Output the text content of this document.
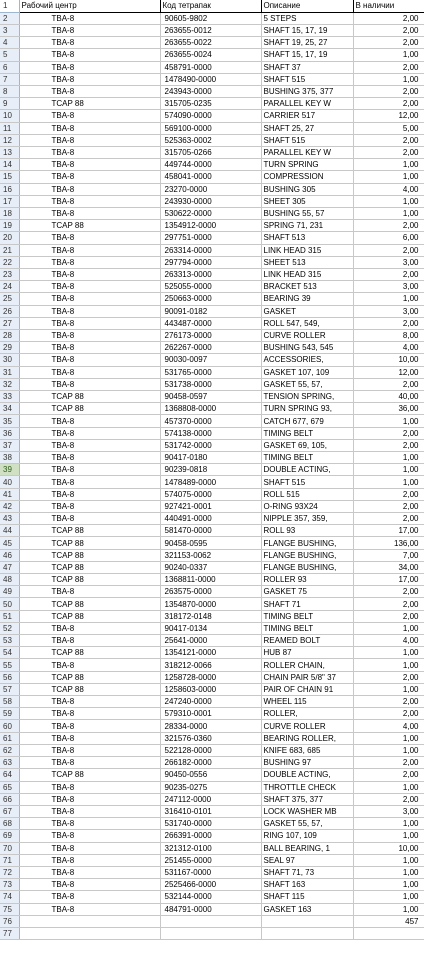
1	Рабочий центр	Код тетрапак	Описание	В наличии
2	TBA-8	90605-9802	5 STEPS	2,00
3	TBA-8	263655-0012	SHAFT 15, 17, 19	2,00
4	TBA-8	263655-0022	SHAFT 19, 25, 27	2,00
5	TBA-8	263655-0024	SHAFT 15, 17, 19	1,00
6	TBA-8	458791-0000	SHAFT 37	2,00
7	TBA-8	1478490-0000	SHAFT 515	1,00
8	TBA-8	243943-0000	BUSHING 375, 377	2,00
9	TCAP 88	315705-0235	PARALLEL KEY W	2,00
10	TBA-8	574090-0000	CARRIER 517	12,00
11	TBA-8	569100-0000	SHAFT 25, 27	5,00
12	TBA-8	525363-0002	SHAFT 515	2,00
13	TBA-8	315705-0266	PARALLEL KEY W	2,00
14	TBA-8	449744-0000	TURN SPRING	1,00
15	TBA-8	458041-0000	COMPRESSION	1,00
16	TBA-8	23270-0000	BUSHING 305	4,00
17	TBA-8	243930-0000	SHEET 305	1,00
18	TBA-8	530622-0000	BUSHING 55, 57	1,00
19	TCAP 88	1354912-0000	SPRING 71, 231	2,00
20	TBA-8	297751-0000	SHAFT 513	6,00
21	TBA-8	263314-0000	LINK HEAD 315	2,00
22	TBA-8	297794-0000	SHEET 513	3,00
23	TBA-8	263313-0000	LINK HEAD 315	2,00
24	TBA-8	525055-0000	BRACKET 513	3,00
25	TBA-8	250663-0000	BEARING 39	1,00
26	TBA-8	90091-0182	GASKET	3,00
27	TBA-8	443487-0000	ROLL 547, 549,	2,00
28	TBA-8	276173-0000	CURVE ROLLER	8,00
29	TBA-8	262267-0000	BUSHING 543, 545	4,00
30	TBA-8	90030-0097	ACCESSORIES,	10,00
31	TBA-8	531765-0000	GASKET 107, 109	12,00
32	TBA-8	531738-0000	GASKET 55, 57,	2,00
33	TCAP 88	90458-0597	TENSION SPRING,	40,00
34	TCAP 88	1368808-0000	TURN SPRING 93,	36,00
35	TBA-8	457370-0000	CATCH 677, 679	1,00
36	TBA-8	574138-0000	TIMING BELT	2,00
37	TBA-8	531742-0000	GASKET 69, 105,	2,00
38	TBA-8	90417-0180	TIMING BELT	1,00
39	TBA-8	90239-0818	DOUBLE ACTING,	1,00
40	TBA-8	1478489-0000	SHAFT 515	1,00
41	TBA-8	574075-0000	ROLL 515	2,00
42	TBA-8	927421-0001	O-RING 93X24	2,00
43	TBA-8	440491-0000	NIPPLE 357, 359,	2,00
44	TCAP 88	581470-0000	ROLL 93	17,00
45	TCAP 88	90458-0595	FLANGE BUSHING,	136,00
46	TCAP 88	321153-0062	FLANGE BUSHING,	7,00
47	TCAP 88	90240-0337	FLANGE BUSHING,	34,00
48	TCAP 88	1368811-0000	ROLLER 93	17,00
49	TBA-8	263575-0000	GASKET 75	2,00
50	TCAP 88	1354870-0000	SHAFT 71	2,00
51	TCAP 88	318172-0148	TIMING BELT	2,00
52	TBA-8	90417-0134	TIMING BELT	1,00
53	TBA-8	25641-0000	REAMED BOLT	4,00
54	TCAP 88	1354121-0000	HUB 87	1,00
55	TBA-8	318212-0066	ROLLER CHAIN,	1,00
56	TCAP 88	1258728-0000	CHAIN PAIR 5/8" 37	2,00
57	TCAP 88	1258603-0000	PAIR OF CHAIN 91	1,00
58	TBA-8	247240-0000	WHEEL 115	2,00
59	TBA-8	579310-0001	ROLLER,	2,00
60	TBA-8	28334-0000	CURVE ROLLER	4,00
61	TBA-8	321576-0360	BEARING ROLLER,	1,00
62	TBA-8	522128-0000	KNIFE 683, 685	1,00
63	TBA-8	266182-0000	BUSHING 97	2,00
64	TCAP 88	90450-0556	DOUBLE ACTING,	2,00
65	TBA-8	90235-0275	THROTTLE CHECK	1,00
66	TBA-8	247112-0000	SHAFT 375, 377	2,00
67	TBA-8	316410-0101	LOCK WASHER MB	3,00
68	TBA-8	531740-0000	GASKET 55, 57,	1,00
69	TBA-8	266391-0000	RING 107, 109	1,00
70	TBA-8	321312-0100	BALL BEARING, 1	10,00
71	TBA-8	251455-0000	SEAL 97	1,00
72	TBA-8	531167-0000	SHAFT 71, 73	1,00
73	TBA-8	2525466-0000	SHAFT 163	1,00
74	TBA-8	532144-0000	SHAFT 115	1,00
75	TBA-8	484791-0000	GASKET 163	1,00
76				457
77				
